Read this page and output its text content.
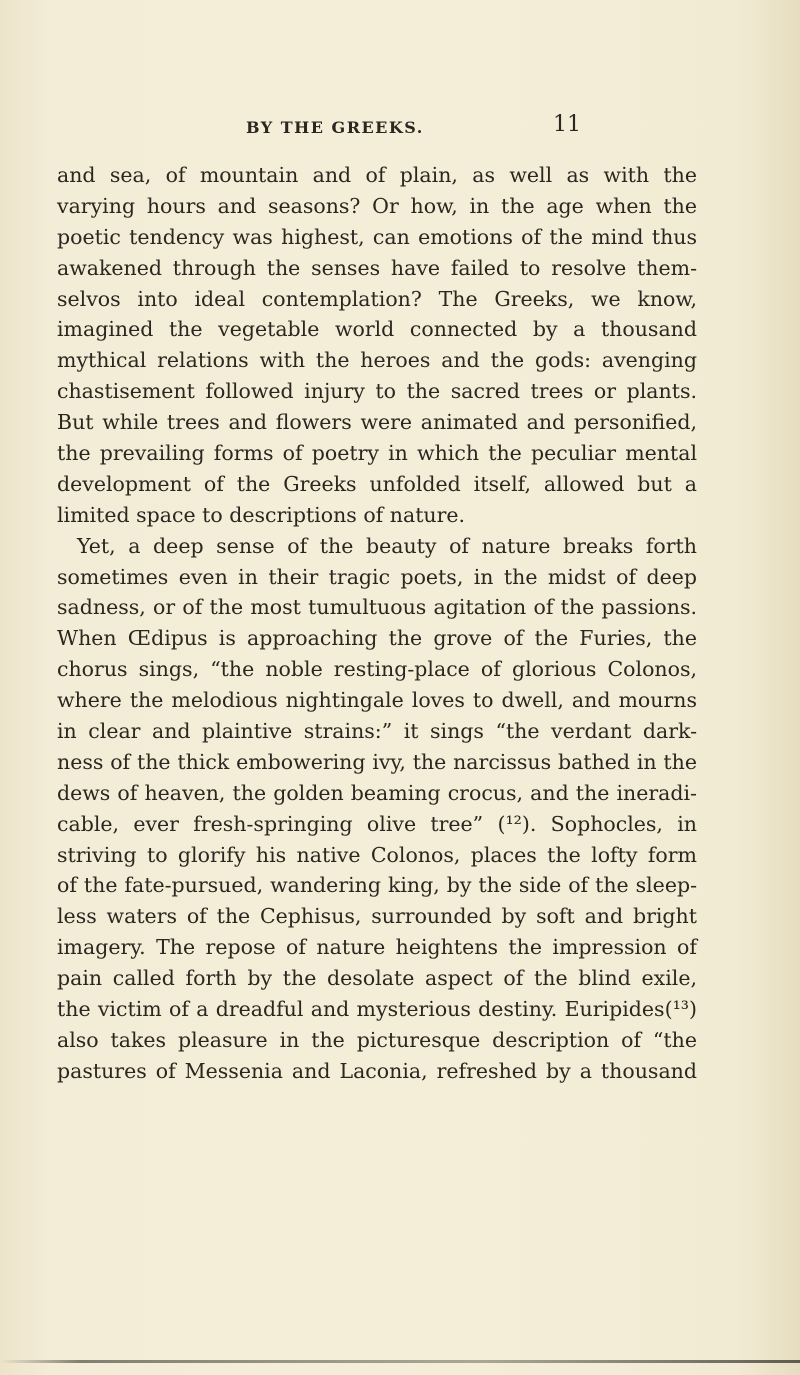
BY THE GREEKS.	11
and sea, of mountain and of plain, as well as with the
varying hours and seasons? Or how, in the age when the
poetic tendency was highest, can emotions of the mind thus
awakened through the senses have failed to resolve them-
selvos into ideal contemplation? The Greeks, we know,
imagined the vegetable world connected by a thousand
mythical relations with the heroes and the gods: avenging
chastisement followed injury to the sacred trees or plants.
But while trees and flowers were animated and personified,
the prevailing forms of poetry in which the peculiar mental
development of the Greeks unfolded itself, allowed but a
limited space to descriptions of nature.
Yet, a deep sense of the beauty of nature breaks forth
sometimes even in their tragic poets, in the midst of deep
sadness, or of the most tumultuous agitation of the passions.
When Œdipus is approaching the grove of the Furies, the
chorus sings, “the noble resting-place of glorious Colonos,
where the melodious nightingale loves to dwell, and mourns
in clear and plaintive strains:” it sings “the verdant dark-
ness of the thick embowering ivy, the narcissus bathed in the
dews of heaven, the golden beaming crocus, and the ineradi-
cable, ever fresh-springing olive tree” (¹²). Sophocles, in
striving to glorify his native Colonos, places the lofty form
of the fate-pursued, wandering king, by the side of the sleep-
less waters of the Cephisus, surrounded by soft and bright
imagery. The repose of nature heightens the impression of
pain called forth by the desolate aspect of the blind exile,
the victim of a dreadful and mysterious destiny. Euripides(¹³)
also takes pleasure in the picturesque description of “the
pastures of Messenia and Laconia, refreshed by a thousand
